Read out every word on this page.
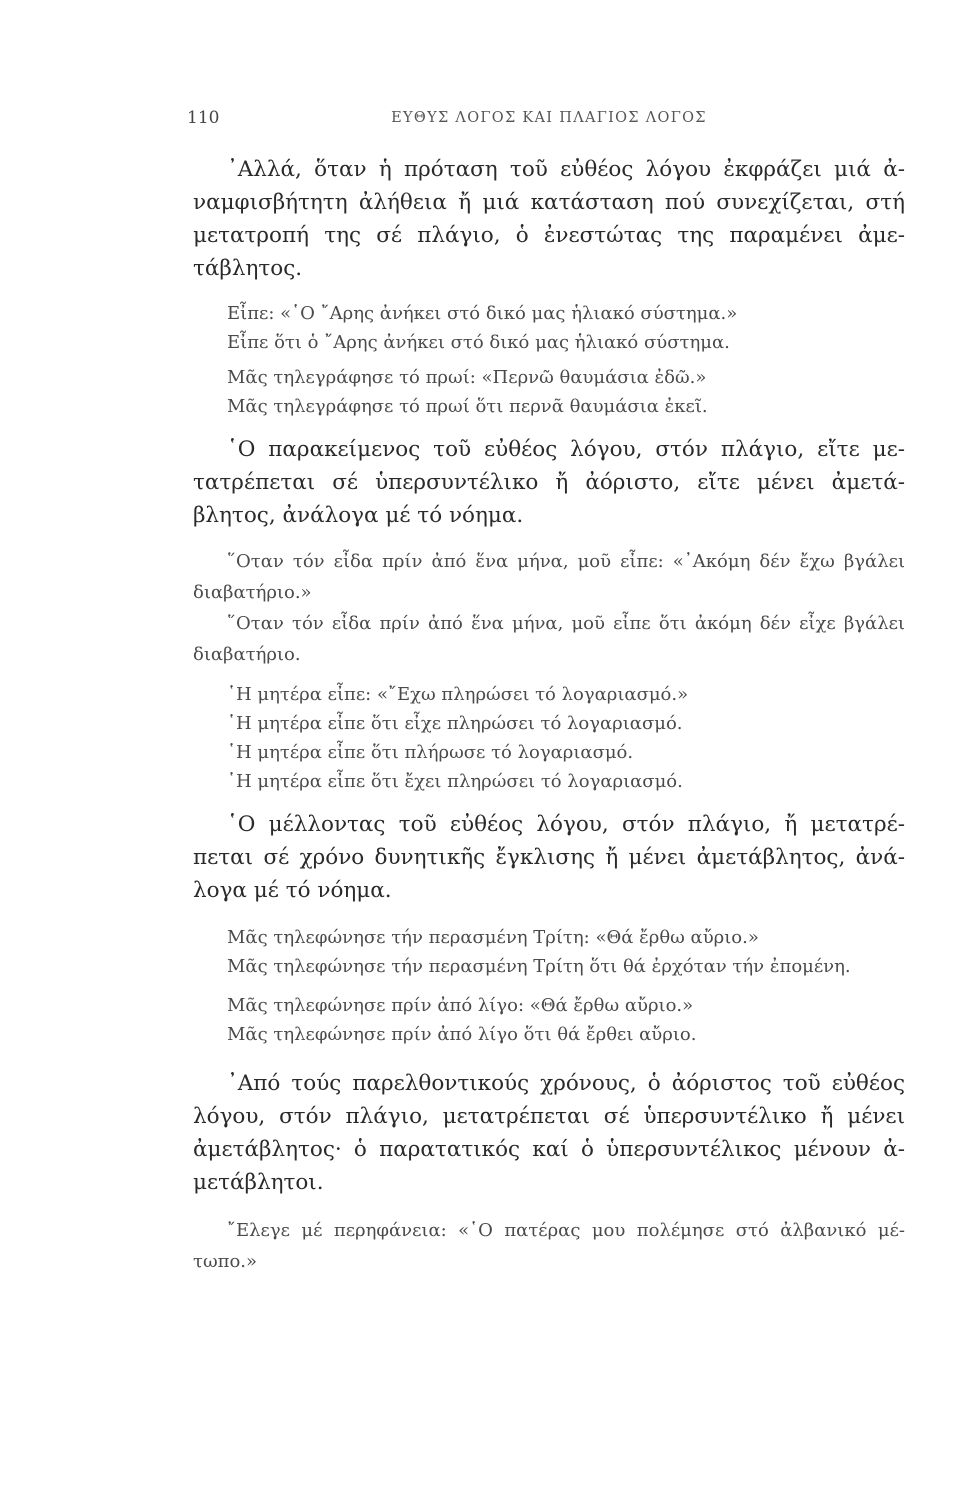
110	ΕΥΘΥΣ ΛΟΓΟΣ ΚΑΙ ΠΛΑΓΙΟΣ ΛΟΓΟΣ

᾿Αλλά, ὅταν ἡ πρόταση τοῦ εὐθέος λόγου ἐκφράζει μιά ἀ-ναμφισβήτητη ἀλήθεια ἤ μιά κατάσταση πού συνεχίζεται, στή μετατροπή της σέ πλάγιο, ὁ ἐνεστώτας της παραμένει ἀμε-τάβλητος.

Εἶπε: «῾Ο ῎Αρης ἀνήκει στό δικό μας ἡλιακό σύστημα.»

Εἶπε ὅτι ὁ ῎Αρης ἀνήκει στό δικό μας ἡλιακό σύστημα.

Μᾶς τηλεγράφησε τό πρωί: «Περνῶ θαυμάσια ἐδῶ.»

Μᾶς τηλεγράφησε τό πρωί ὅτι περνᾶ θαυμάσια ἐκεῖ.

῾Ο παρακείμενος τοῦ εὐθέος λόγου, στόν πλάγιο, εἴτε με-τατρέπεται σέ ὑπερσυντέλικο ἤ ἀόριστο, εἴτε μένει ἀμετά-βλητος, ἀνάλογα μέ τό νόημα.

῞Οταν τόν εἶδα πρίν ἀπό ἕνα μήνα, μοῦ εἶπε: «᾿Ακόμη δέν ἔχω βγάλει διαβατήριο.»

῞Οταν τόν εἶδα πρίν ἀπό ἕνα μήνα, μοῦ εἶπε ὅτι ἀκόμη δέν εἶχε βγάλει διαβατήριο.

῾Η μητέρα εἶπε: «῎Εχω πληρώσει τό λογαριασμό.»

῾Η μητέρα εἶπε ὅτι εἶχε πληρώσει τό λογαριασμό.

῾Η μητέρα εἶπε ὅτι πλήρωσε τό λογαριασμό.

῾Η μητέρα εἶπε ὅτι ἔχει πληρώσει τό λογαριασμό.

῾Ο μέλλοντας τοῦ εὐθέος λόγου, στόν πλάγιο, ἤ μετατρέ-πεται σέ χρόνο δυνητικῆς ἔγκλισης ἤ μένει ἀμετάβλητος, ἀνά-λογα μέ τό νόημα.

Μᾶς τηλεφώνησε τήν περασμένη Τρίτη: «Θά ἔρθω αὔριο.»

Μᾶς τηλεφώνησε τήν περασμένη Τρίτη ὅτι θά ἐρχόταν τήν ἐπομένη.

Μᾶς τηλεφώνησε πρίν ἀπό λίγο: «Θά ἔρθω αὔριο.»

Μᾶς τηλεφώνησε πρίν ἀπό λίγο ὅτι θά ἔρθει αὔριο.

᾿Από τούς παρελθοντικούς χρόνους, ὁ ἀόριστος τοῦ εὐθέος λόγου, στόν πλάγιο, μετατρέπεται σέ ὑπερσυντέλικο ἤ μένει ἀμετάβλητος· ὁ παρατατικός καί ὁ ὑπερσυντέλικος μένουν ἀ-μετάβλητοι.

῎Ελεγε μέ περηφάνεια: «῾Ο πατέρας μου πολέμησε στό ἀλβανικό μέ-τωπο.»
